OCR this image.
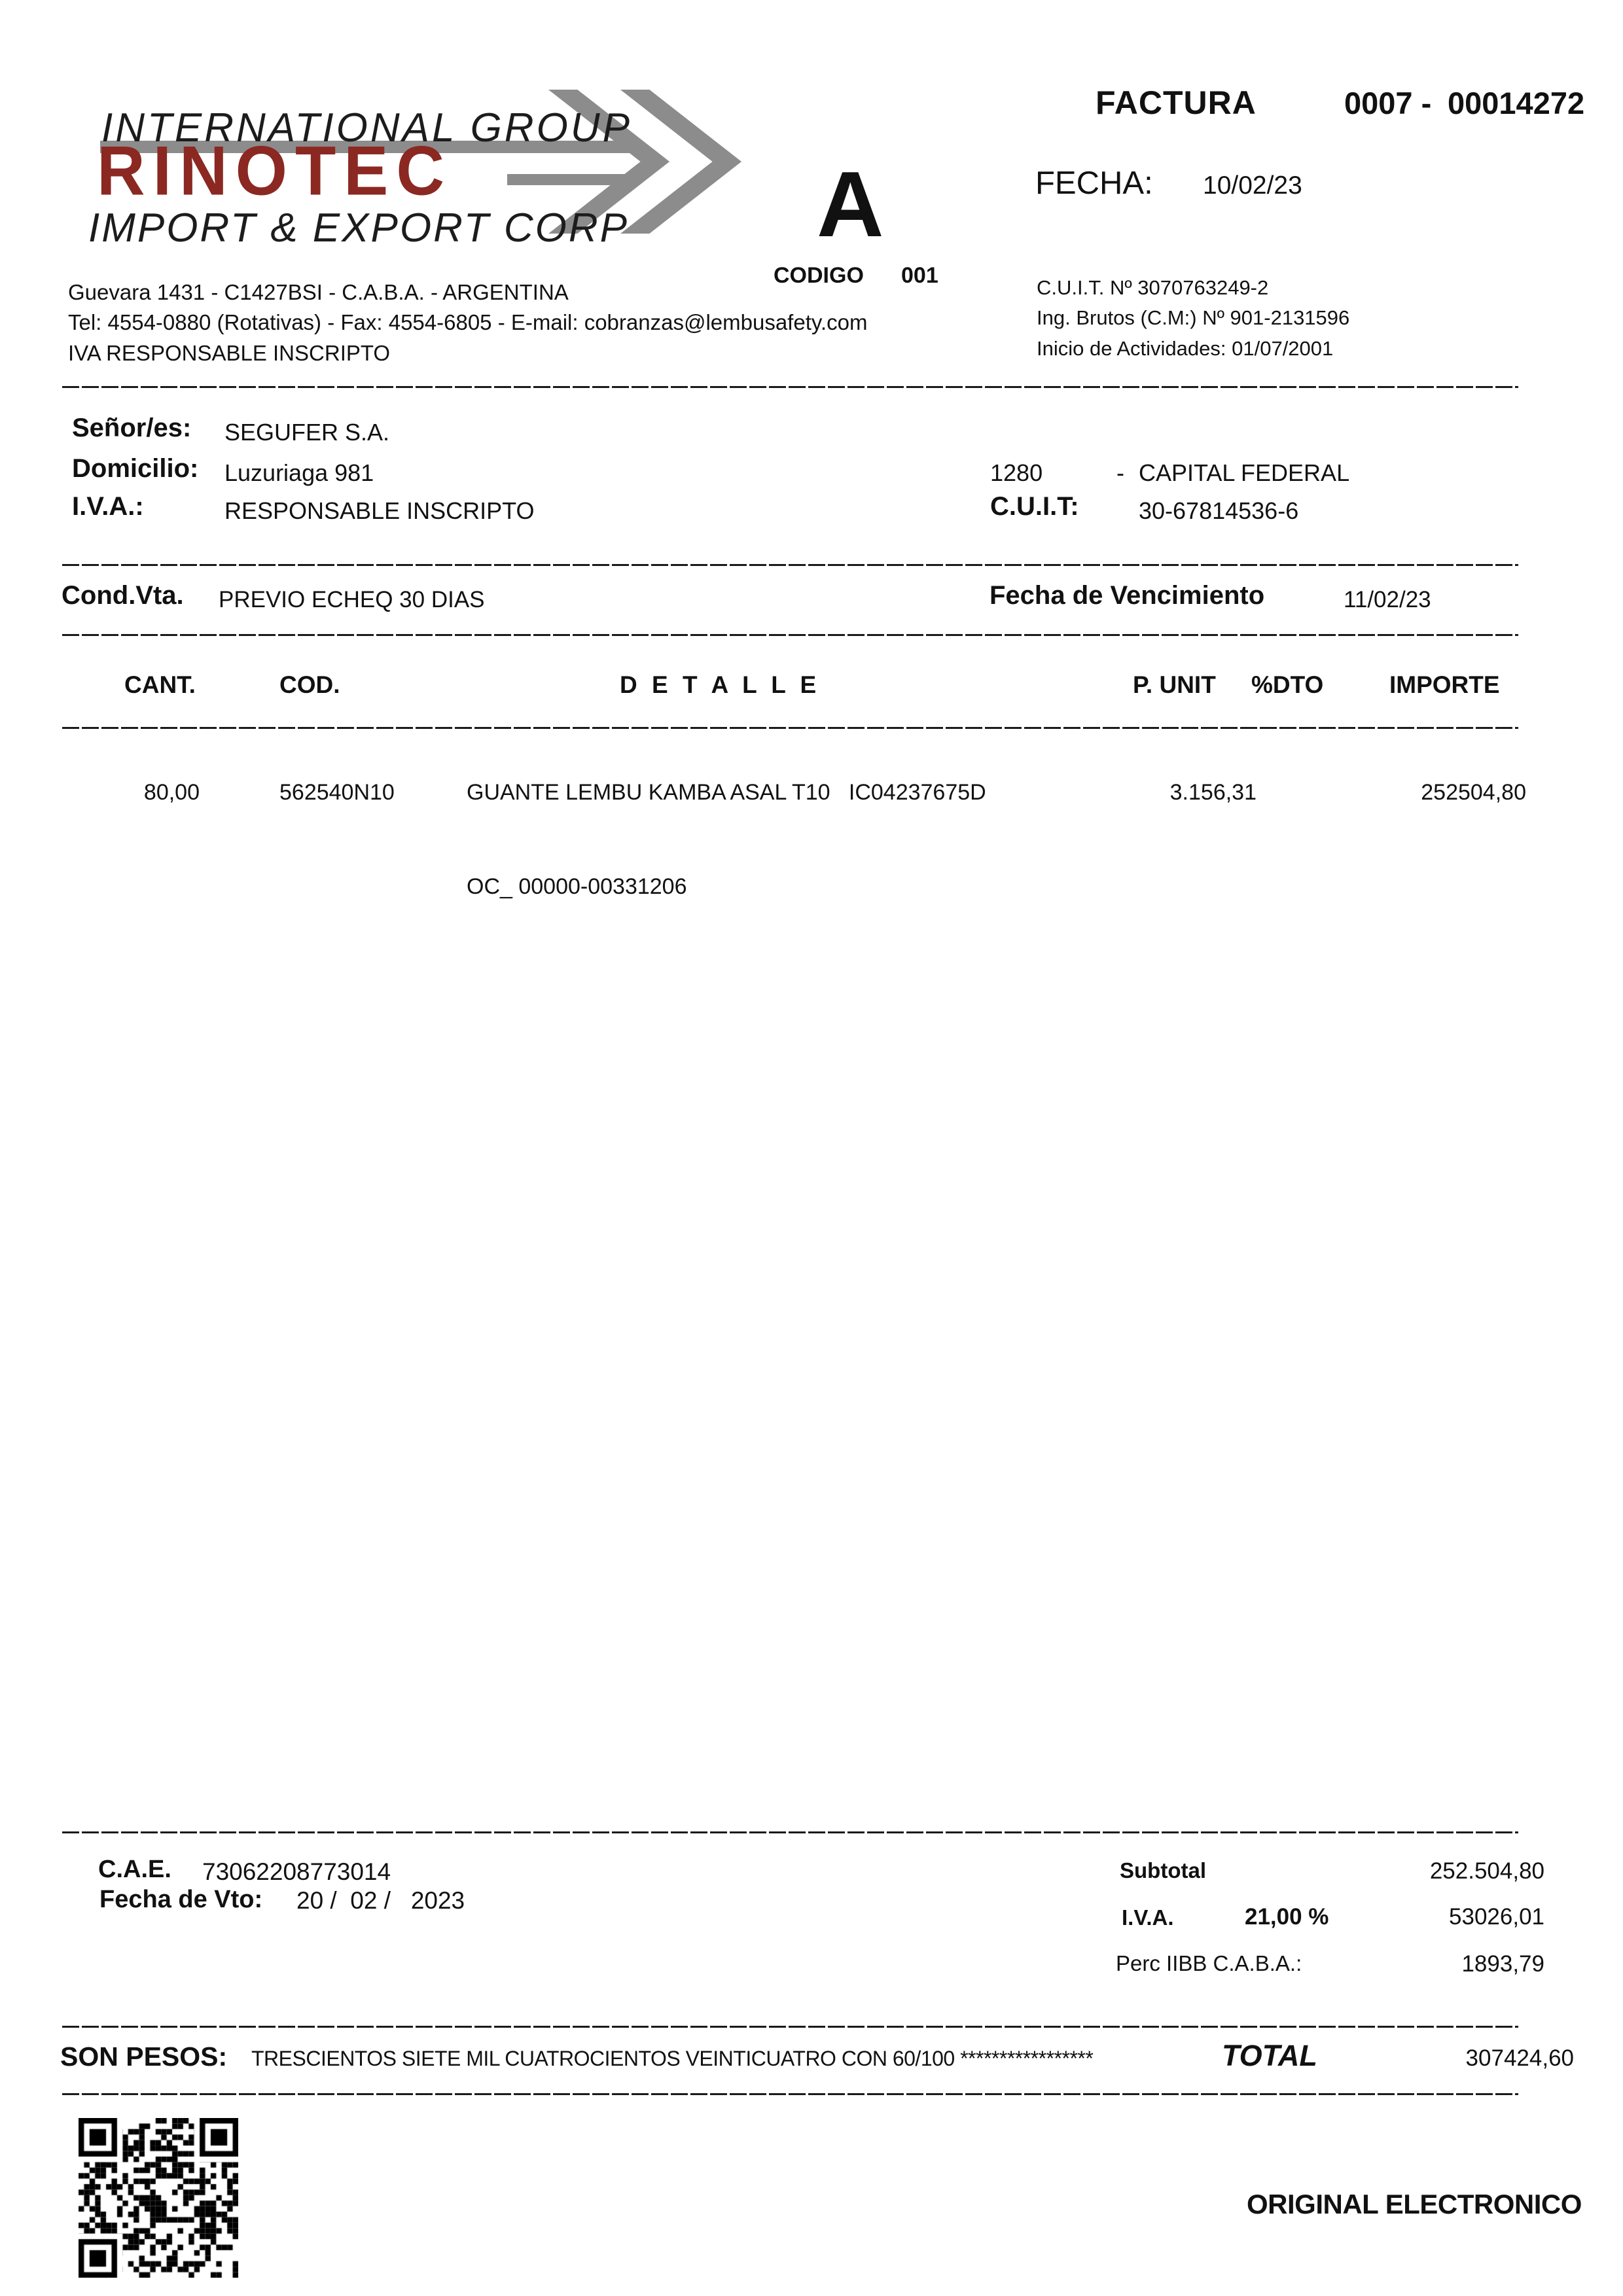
INTERNATIONAL GROUP
RINOTEC
IMPORT & EXPORT CORP
Guevara 1431 - C1427BSI - C.A.B.A. - ARGENTINA
Tel: 4554-0880 (Rotativas) - Fax: 4554-6805 - E-mail: cobranzas@lembusafety.com
IVA RESPONSABLE INSCRIPTO
FACTURA	0007 - 00014272
FECHA: 10/02/23
A
CODIGO 001	C.U.I.T. Nº 3070763249-2
Ing. Brutos (C.M:) Nº 901-2131596
Inicio de Actividades: 01/07/2001
Señor/es: SEGUFER S.A.
Domicilio: Luzuriaga 981	1280	- CAPITAL FEDERAL
I.V.A.:	RESPONSABLE INSCRIPTO	C.U.I.T:	30-67814536-6
Cond.Vta. PREVIO ECHEQ 30 DIAS	Fecha de Vencimiento	11/02/23
CANT.	COD.	D E T A L L E	P. UNIT %DTO	IMPORTE
80,00	562540N10	GUANTE LEMBU KAMBA ASAL T10   IC04237675D	3.156,31	252504,80
OC_ 00000-00331206
C.A.E. 73062208773014
Fecha de Vto: 20 /  02 /   2023
Subtotal	252.504,80
I.V.A.	21,00 %	53026,01
Perc IIBB C.A.B.A.:	1893,79
SON PESOS: TRESCIENTOS SIETE MIL CUATROCIENTOS VEINTICUATRO CON 60/100 *****************	TOTAL	307424,60
ORIGINAL ELECTRONICO
